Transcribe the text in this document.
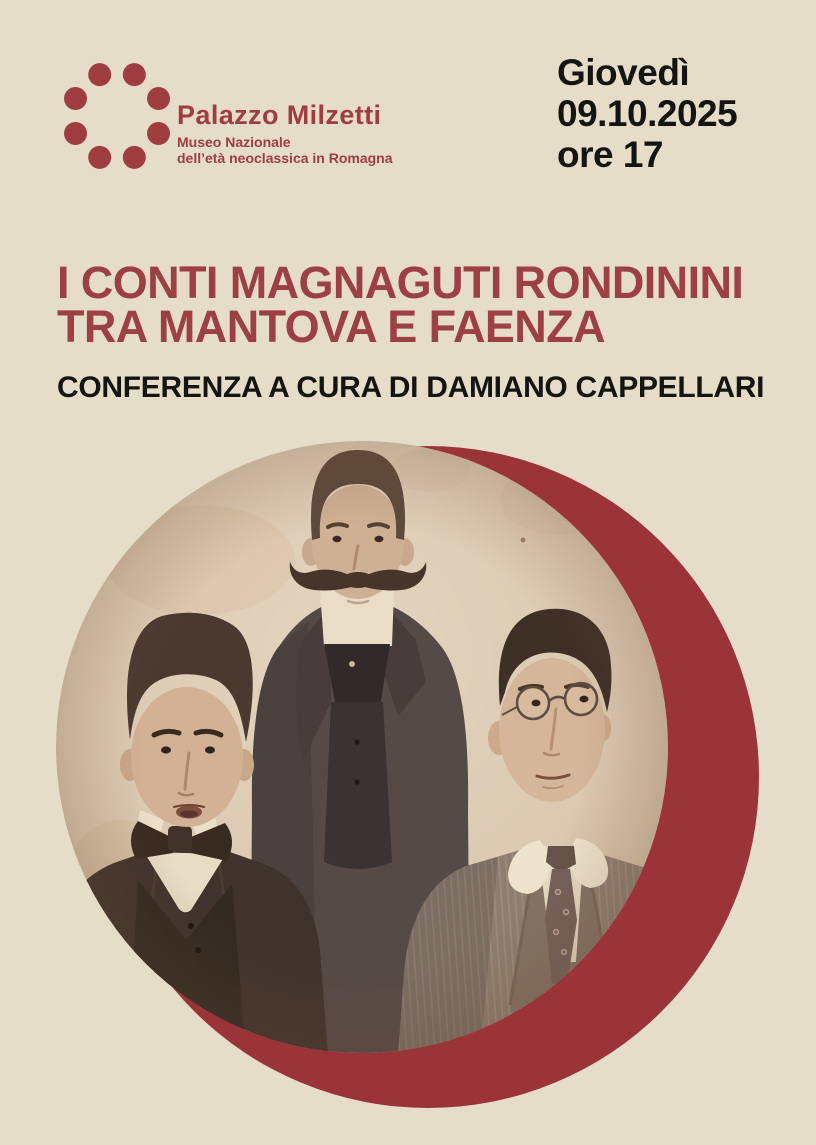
Palazzo Milzetti
Museo Nazionale
dell’età neoclassica in Romagna
Giovedì
09.10.2025
ore 17
I CONTI MAGNAGUTI RONDININI
TRA MANTOVA E FAENZA
CONFERENZA A CURA DI DAMIANO CAPPELLARI
